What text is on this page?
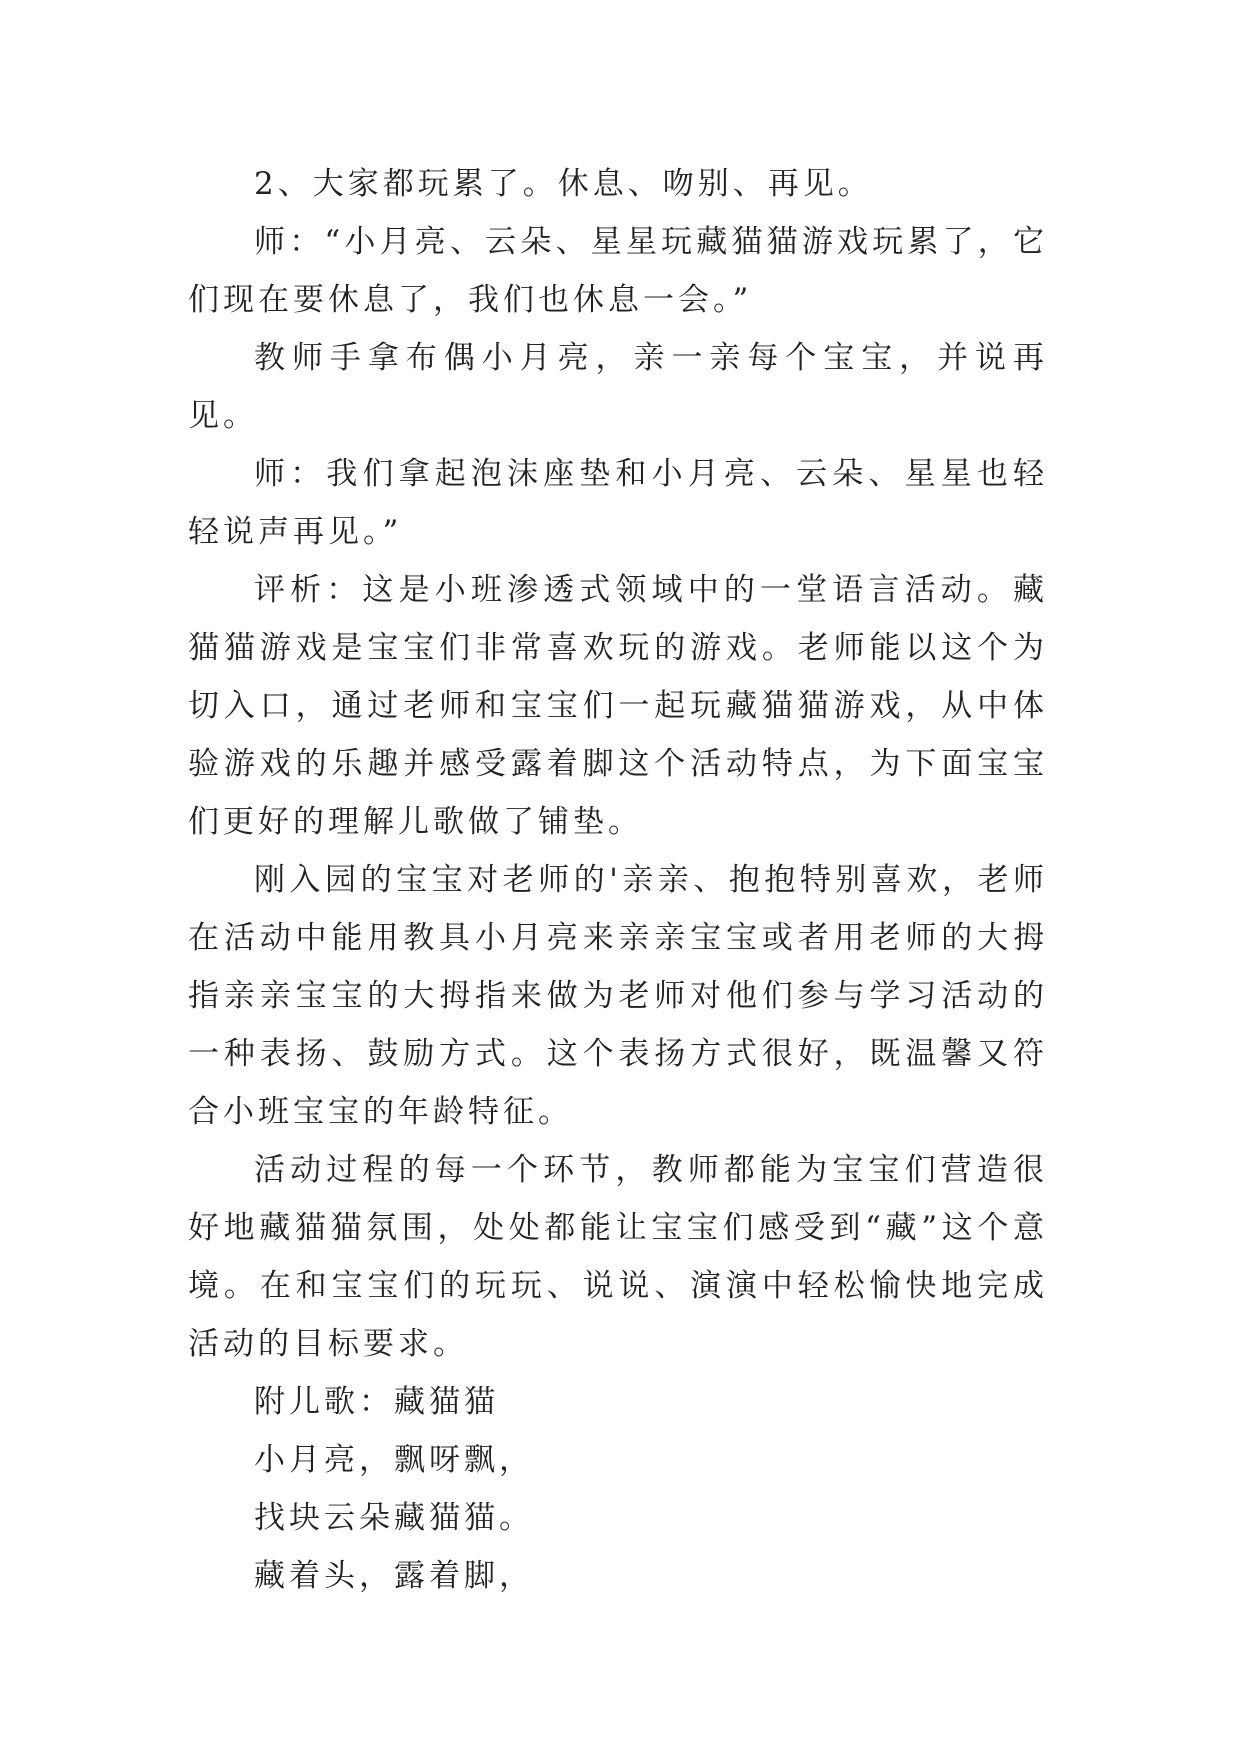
2、大家都玩累了。休息、吻别、再见。

师：“小月亮、云朵、星星玩藏猫猫游戏玩累了，它们现在要休息了，我们也休息一会。”

教师手拿布偶小月亮，亲一亲每个宝宝，并说再见。

师：我们拿起泡沫座垫和小月亮、云朵、星星也轻轻说声再见。”

评析：这是小班渗透式领域中的一堂语言活动。藏猫猫游戏是宝宝们非常喜欢玩的游戏。老师能以这个为切入口，通过老师和宝宝们一起玩藏猫猫游戏，从中体验游戏的乐趣并感受露着脚这个活动特点，为下面宝宝们更好的理解儿歌做了铺垫。

刚入园的宝宝对老师的'亲亲、抱抱特别喜欢，老师在活动中能用教具小月亮来亲亲宝宝或者用老师的大拇指亲亲宝宝的大拇指来做为老师对他们参与学习活动的一种表扬、鼓励方式。这个表扬方式很好，既温馨又符合小班宝宝的年龄特征。

活动过程的每一个环节，教师都能为宝宝们营造很好地藏猫猫氛围，处处都能让宝宝们感受到“藏”这个意境。在和宝宝们的玩玩、说说、演演中轻松愉快地完成活动的目标要求。

附儿歌：藏猫猫

小月亮，飘呀飘，

找块云朵藏猫猫。

藏着头，露着脚，
